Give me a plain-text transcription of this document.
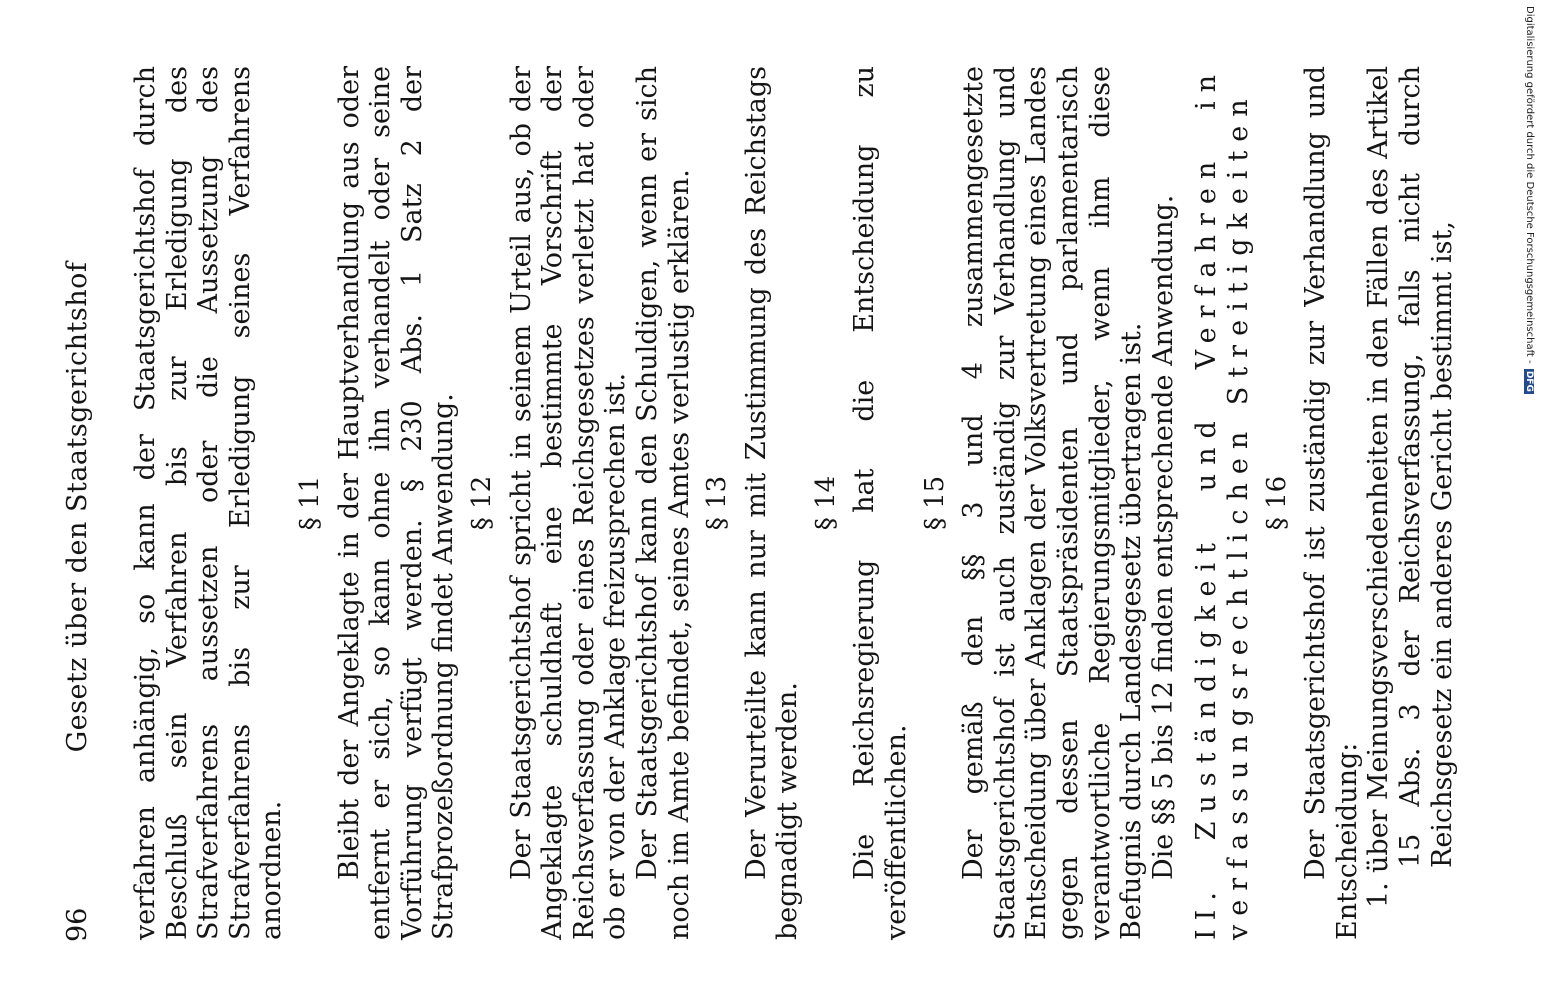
96
Gesetz über den Staatsgerichtshof verfahren anhängig, so kann der Staatsgerichtshof durch Beschluß sein Verfahren bis zur Erledigung des Strafverfahrens aussetzen oder die Aussetzung des Strafverfahrens bis zur Erledigung seines Verfahrens anordnen.

§ 11 Bleibt der Angeklagte in der Hauptverhandlung aus oder entfernt er sich, so kann ohne ihn verhandelt oder seine Vorführung verfügt werden. § 230 Abs. 1 Satz 2 der Strafprozeßordnung findet Anwendung. § 12 Der Staatsgerichtshof spricht in seinem Urteil aus, ob der Angeklagte schuldhaft eine bestimmte Vorschrift der Reichsverfassung oder eines Reichsgesetzes verletzt hat oder ob er von der Anklage freizusprechen ist. Der Staatsgerichtshof kann den Schuldigen, wenn er sich noch im Amte befindet, seines Amtes verlustig erklären. § 13 Der Verurteilte kann nur mit Zustimmung des Reichstags begnadigt werden.

§ 14 Die Reichsregierung hat die Entscheidung zu veröffentlichen.

§ 15 Der gemäß den §§ 3 und 4 zusammengesetzte Staatsgerichtshof ist auch zuständig zur Verhandlung und Entscheidung über Anklagen der Volksvertretung eines Landes gegen dessen Staatspräsidenten und parlamentarisch verantwortliche Regierungsmitglieder, wenn ihm diese Befugnis durch Landesgesetz übertragen ist. Die §§ 5 bis 12 finden entsprechende Anwendung. II. Zuständigkeit und Verfahren in verfassungsrechtlichen Streitigkeiten § 16 Der Staatsgerichtshof ist zuständig zur Verhandlung und Entscheidung: 1. über Meinungsverschiedenheiten in den Fällen des Artikel 15 Abs. 3 der Reichsverfassung, falls nicht durch Reichsgesetz ein anderes Gericht bestimmt ist,

Digitalisierung gefördert durch die Deutsche Forschungsgemeinschaft - DFG
